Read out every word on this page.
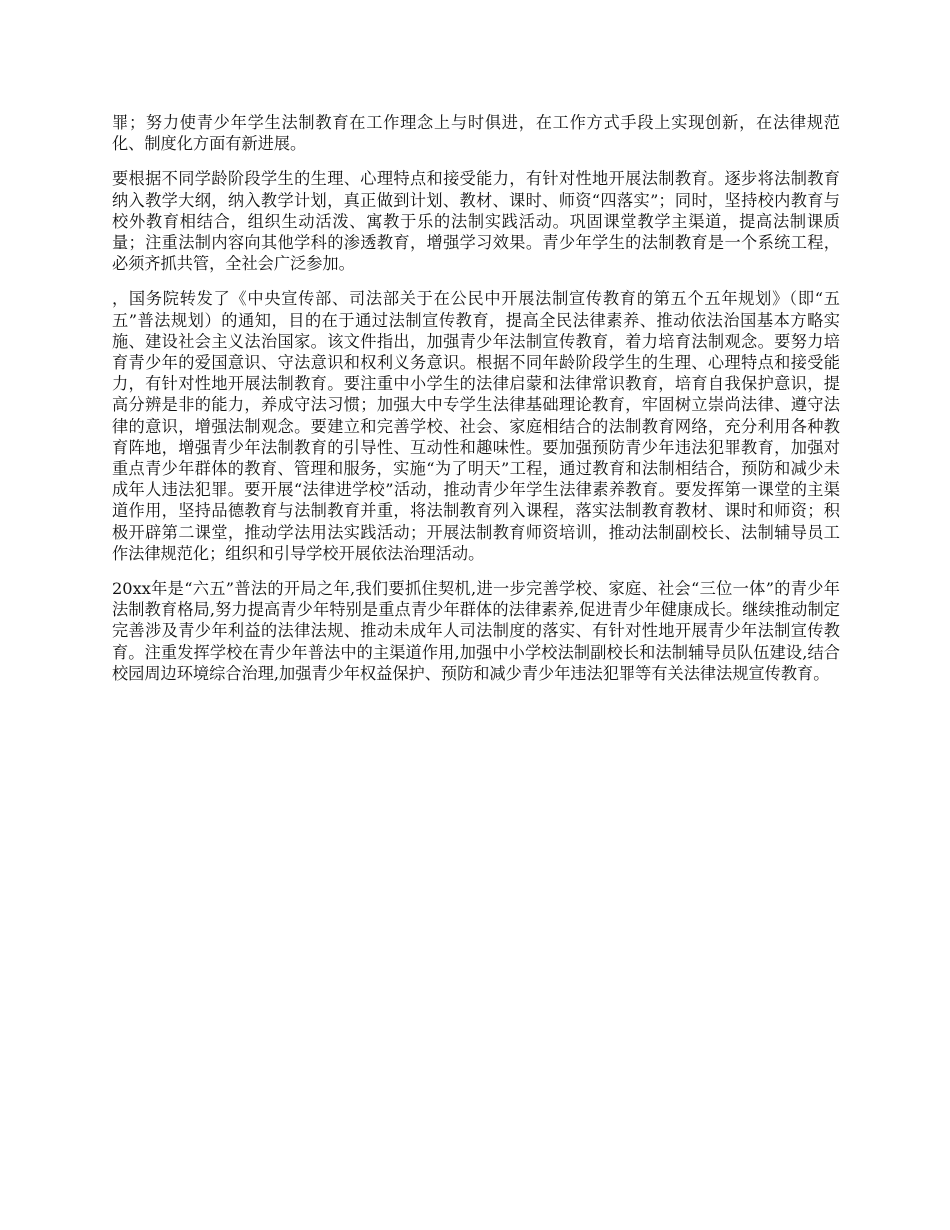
罪；努力使青少年学生法制教育在工作理念上与时俱进，在工作方式手段上实现创新，在法律规范化、制度化方面有新进展。

要根据不同学龄阶段学生的生理、心理特点和接受能力，有针对性地开展法制教育。逐步将法制教育纳入教学大纲，纳入教学计划，真正做到计划、教材、课时、师资“四落实”；同时，坚持校内教育与校外教育相结合，组织生动活泼、寓教于乐的法制实践活动。巩固课堂教学主渠道，提高法制课质量；注重法制内容向其他学科的渗透教育，增强学习效果。青少年学生的法制教育是一个系统工程，必须齐抓共管，全社会广泛参加。

，国务院转发了《中央宣传部、司法部关于在公民中开展法制宣传教育的第五个五年规划》（即“五五”普法规划）的通知，目的在于通过法制宣传教育，提高全民法律素养、推动依法治国基本方略实施、建设社会主义法治国家。该文件指出，加强青少年法制宣传教育，着力培育法制观念。要努力培育青少年的爱国意识、守法意识和权利义务意识。根据不同年龄阶段学生的生理、心理特点和接受能力，有针对性地开展法制教育。要注重中小学生的法律启蒙和法律常识教育，培育自我保护意识，提高分辨是非的能力，养成守法习惯；加强大中专学生法律基础理论教育，牢固树立崇尚法律、遵守法律的意识，增强法制观念。要建立和完善学校、社会、家庭相结合的法制教育网络，充分利用各种教育阵地，增强青少年法制教育的引导性、互动性和趣味性。要加强预防青少年违法犯罪教育，加强对重点青少年群体的教育、管理和服务，实施“为了明天”工程，通过教育和法制相结合，预防和减少未成年人违法犯罪。要开展“法律进学校”活动，推动青少年学生法律素养教育。要发挥第一课堂的主渠道作用，坚持品德教育与法制教育并重，将法制教育列入课程，落实法制教育教材、课时和师资；积极开辟第二课堂，推动学法用法实践活动；开展法制教育师资培训，推动法制副校长、法制辅导员工作法律规范化；组织和引导学校开展依法治理活动。

20xx年是“六五”普法的开局之年,我们要抓住契机,进一步完善学校、家庭、社会“三位一体”的青少年法制教育格局,努力提高青少年特别是重点青少年群体的法律素养,促进青少年健康成长。继续推动制定完善涉及青少年利益的法律法规、推动未成年人司法制度的落实、有针对性地开展青少年法制宣传教育。注重发挥学校在青少年普法中的主渠道作用,加强中小学校法制副校长和法制辅导员队伍建设,结合校园周边环境综合治理,加强青少年权益保护、预防和减少青少年违法犯罪等有关法律法规宣传教育。
